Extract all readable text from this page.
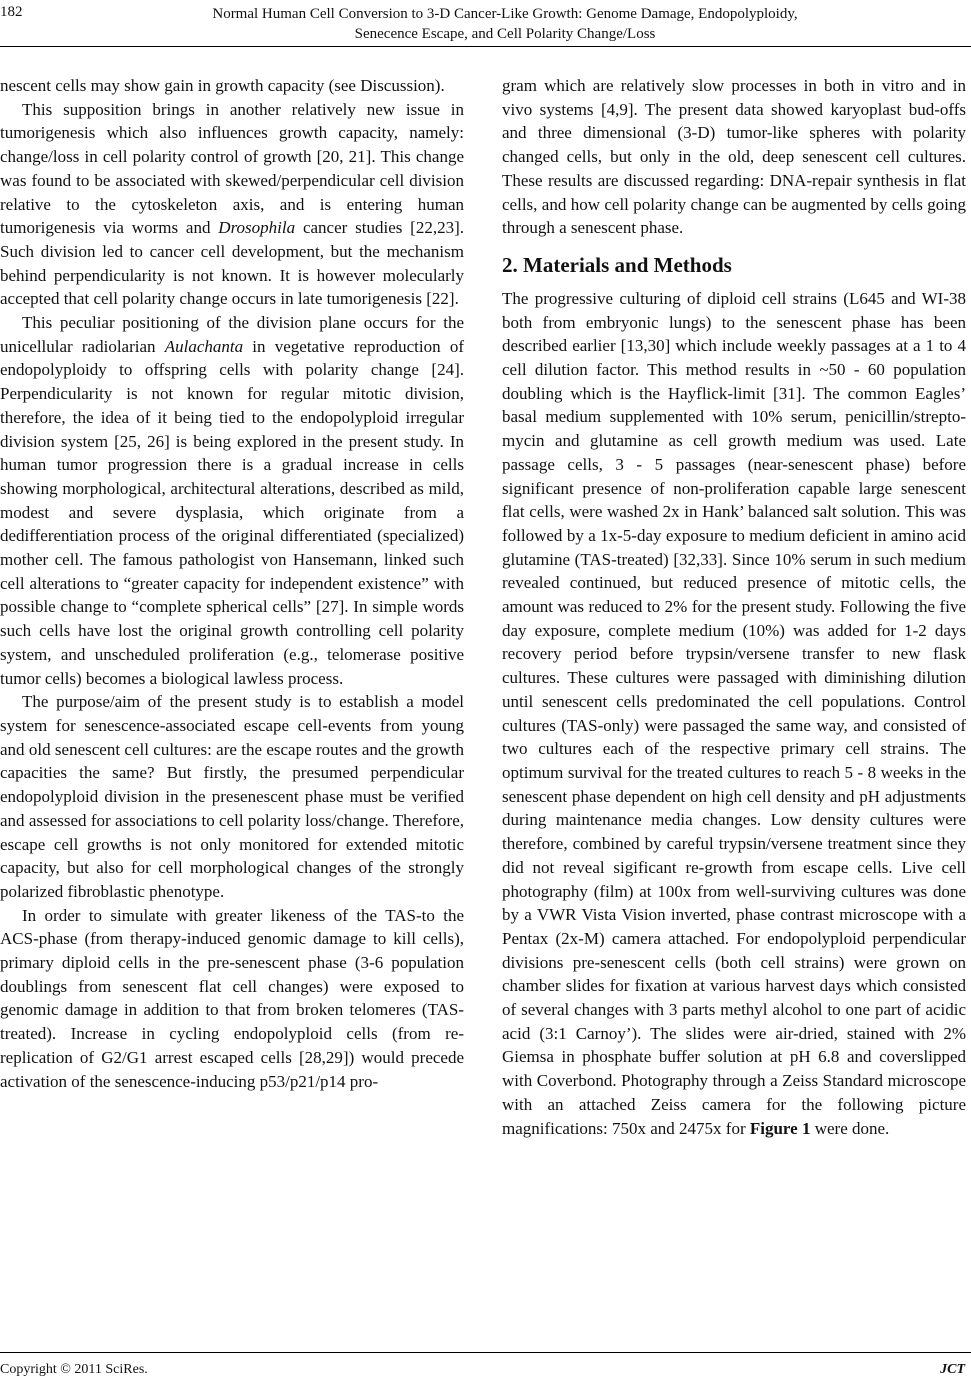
182	Normal Human Cell Conversion to 3-D Cancer-Like Growth: Genome Damage, Endopolyploidy,
Senecence Escape, and Cell Polarity Change/Loss

nescent cells may show gain in growth capacity (see Discussion).

This supposition brings in another relatively new issue in tumorigenesis which also influences growth capacity, namely: change/loss in cell polarity control of growth [20, 21]. This change was found to be associated with skewed/perpendicular cell division relative to the cytoskeleton axis, and is entering human tumorigenesis via worms and Drosophila cancer studies [22,23]. Such division led to cancer cell development, but the mechanism behind perpendicularity is not known. It is however molecularly accepted that cell polarity change occurs in late tumorigenesis [22].

This peculiar positioning of the division plane occurs for the unicellular radiolarian Aulachanta in vegetative reproduction of endopolyploidy to offspring cells with polarity change [24]. Perpendicularity is not known for regular mitotic division, therefore, the idea of it being tied to the endopolyploid irregular division system [25, 26] is being explored in the present study. In human tumor progression there is a gradual increase in cells showing morphological, architectural alterations, described as mild, modest and severe dysplasia, which originate from a dedifferentiation process of the original differentiated (specialized) mother cell. The famous pathologist von Hansemann, linked such cell alterations to “greater capacity for independent existence” with possible change to “complete spherical cells” [27]. In simple words such cells have lost the original growth controlling cell polarity system, and unscheduled proliferation (e.g., telomerase positive tumor cells) becomes a biological lawless process.

The purpose/aim of the present study is to establish a model system for senescence-associated escape cell-events from young and old senescent cell cultures: are the escape routes and the growth capacities the same? But firstly, the presumed perpendicular endopolyploid division in the presenescent phase must be verified and assessed for associations to cell polarity loss/change. Therefore, escape cell growths is not only monitored for extended mitotic capacity, but also for cell morphological changes of the strongly polarized fibroblastic phenotype.

In order to simulate with greater likeness of the TAS-to the ACS-phase (from therapy-induced genomic damage to kill cells), primary diploid cells in the pre-senescent phase (3-6 population doublings from senescent flat cell changes) were exposed to genomic damage in addition to that from broken telomeres (TAS-treated). Increase in cycling endopolyploid cells (from re-replication of G2/G1 arrest escaped cells [28,29]) would precede activation of the senescence-inducing p53/p21/p14 pro-

gram which are relatively slow processes in both in vitro and in vivo systems [4,9]. The present data showed karyoplast bud-offs and three dimensional (3-D) tumor-like spheres with polarity changed cells, but only in the old, deep senescent cell cultures. These results are discussed regarding: DNA-repair synthesis in flat cells, and how cell polarity change can be augmented by cells going through a senescent phase.

2. Materials and Methods

The progressive culturing of diploid cell strains (L645 and WI-38 both from embryonic lungs) to the senescent phase has been described earlier [13,30] which include weekly passages at a 1 to 4 cell dilution factor. This method results in ~50 - 60 population doubling which is the Hayflick-limit [31]. The common Eagles’ basal medium supplemented with 10% serum, penicillin/streptomycin and glutamine as cell growth medium was used. Late passage cells, 3 - 5 passages (near-senescent phase) before significant presence of non-proliferation capable large senescent flat cells, were washed 2x in Hank’ balanced salt solution. This was followed by a 1x-5-day exposure to medium deficient in amino acid glutamine (TAS-treated) [32,33]. Since 10% serum in such medium revealed continued, but reduced presence of mitotic cells, the amount was reduced to 2% for the present study. Following the five day exposure, complete medium (10%) was added for 1-2 days recovery period before trypsin/versene transfer to new flask cultures. These cultures were passaged with diminishing dilution until senescent cells predominated the cell populations. Control cultures (TAS-only) were passaged the same way, and consisted of two cultures each of the respective primary cell strains. The optimum survival for the treated cultures to reach 5 - 8 weeks in the senescent phase dependent on high cell density and pH adjustments during maintenance media changes. Low density cultures were therefore, combined by careful trypsin/versene treatment since they did not reveal sigificant re-growth from escape cells. Live cell photography (film) at 100x from well-surviving cultures was done by a VWR Vista Vision inverted, phase contrast microscope with a Pentax (2x-M) camera attached. For endopolyploid perpendicular divisions pre-senescent cells (both cell strains) were grown on chamber slides for fixation at various harvest days which consisted of several changes with 3 parts methyl alcohol to one part of acidic acid (3:1 Carnoy’). The slides were air-dried, stained with 2% Giemsa in phosphate buffer solution at pH 6.8 and coverslipped with Coverbond. Photography through a Zeiss Standard microscope with an attached Zeiss camera for the following picture magnifications: 750x and 2475x for Figure 1 were done.

Copyright © 2011 SciRes.	JCT
